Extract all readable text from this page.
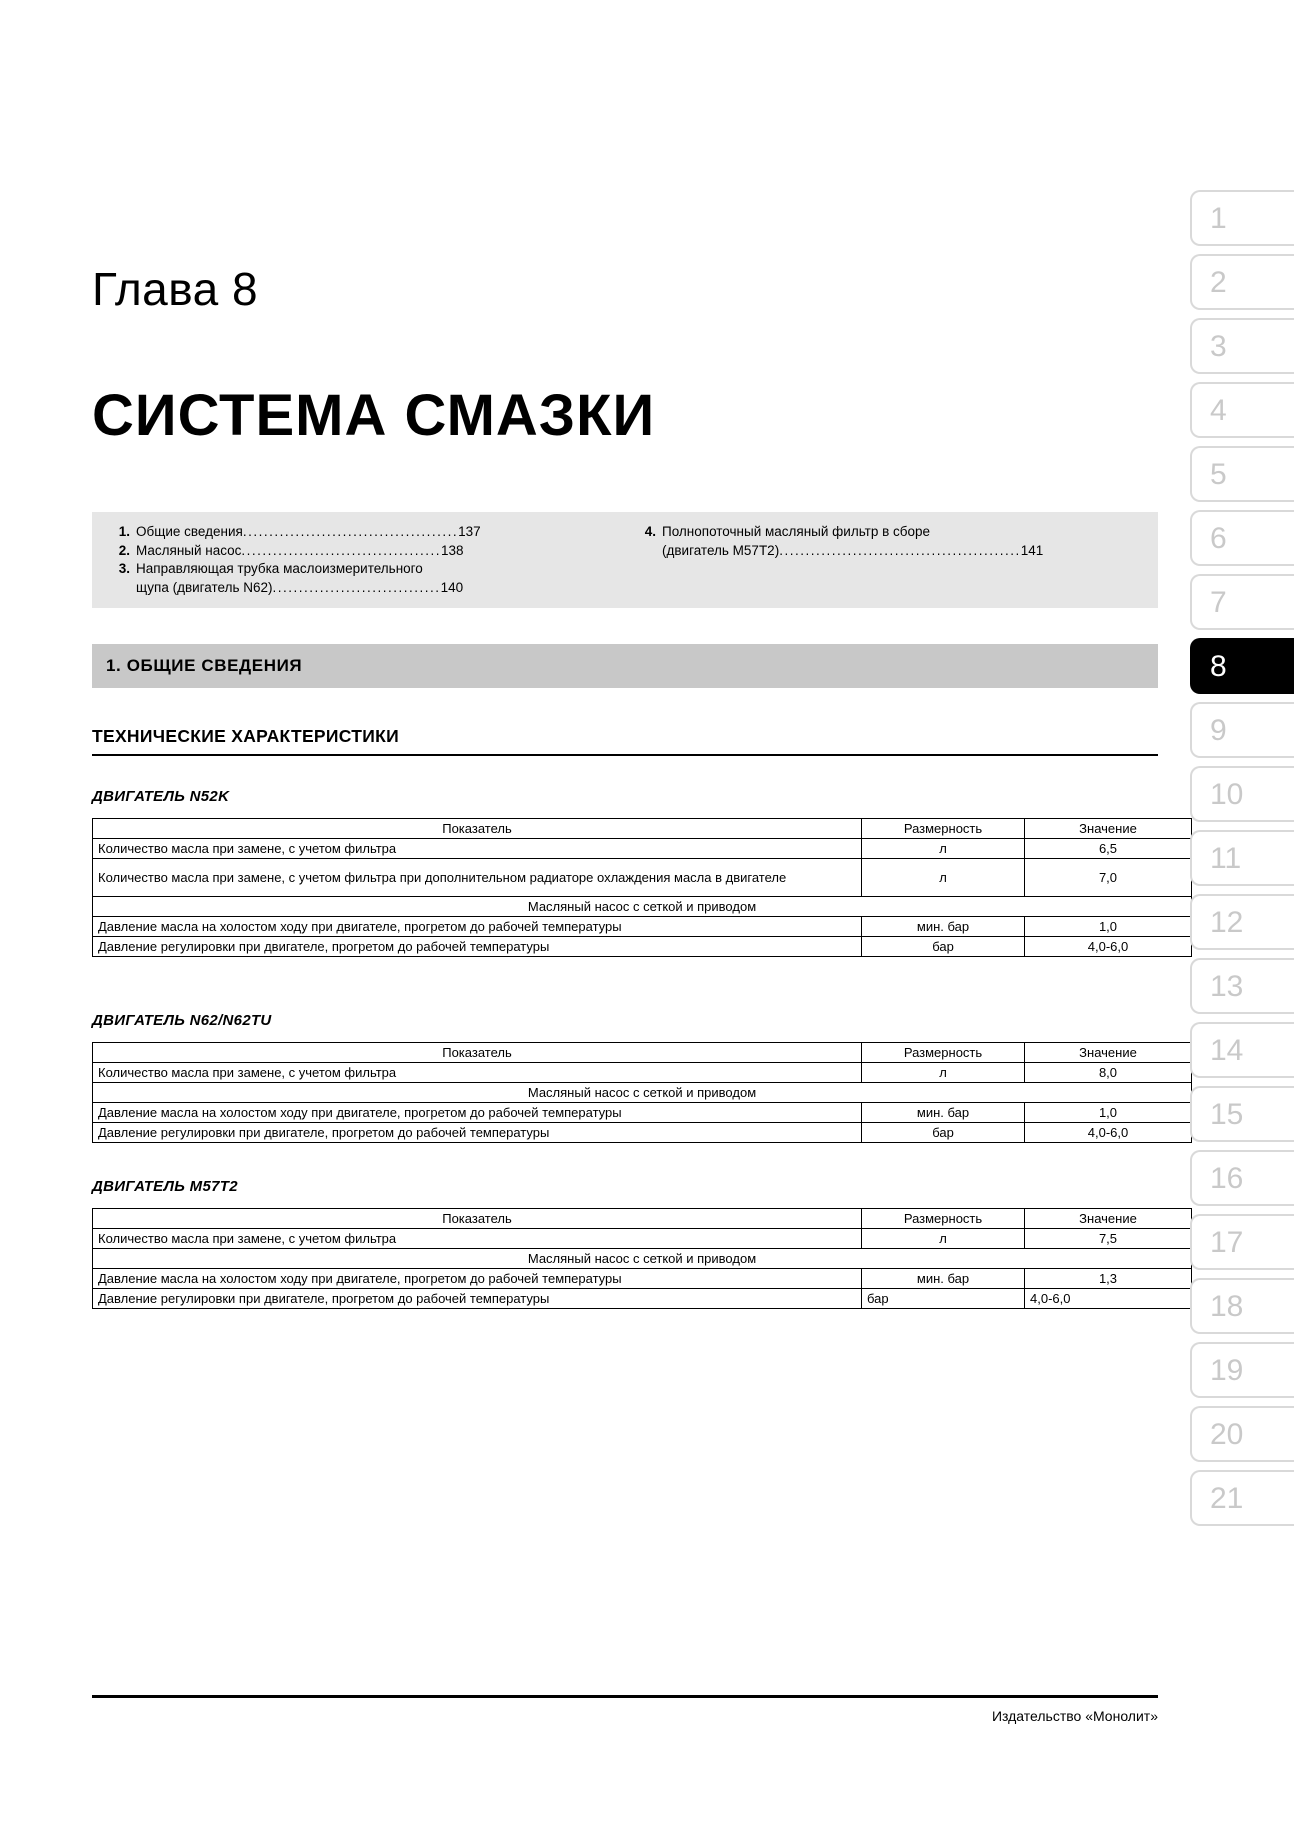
Глава 8
СИСТЕМА СМАЗКИ
1. Общие сведения.........................................137
2. Масляный насос......................................138
3. Направляющая трубка маслоизмерительного
щупа (двигатель N62)................................140
4. Полнопоточный масляный фильтр в сборе
(двигатель M57T2)..............................................141
1. ОБЩИЕ СВЕДЕНИЯ
ТЕХНИЧЕСКИЕ ХАРАКТЕРИСТИКИ
ДВИГАТЕЛЬ N52K
Показатель	Размерность	Значение
Количество масла при замене, с учетом фильтра	л	6,5
Количество масла при замене, с учетом фильтра при дополнительном радиаторе охлаждения масла в двигателе	л	7,0
Масляный насос с сеткой и приводом		
Давление масла на холостом ходу при двигателе, прогретом до рабочей температуры	мин. бар	1,0
Давление регулировки при двигателе, прогретом до рабочей температуры	бар	4,0-6,0
ДВИГАТЕЛЬ N62/N62TU
Показатель	Размерность	Значение
Количество масла при замене, с учетом фильтра	л	8,0
Масляный насос с сеткой и приводом		
Давление масла на холостом ходу при двигателе, прогретом до рабочей температуры	мин. бар	1,0
Давление регулировки при двигателе, прогретом до рабочей температуры	бар	4,0-6,0
ДВИГАТЕЛЬ M57T2
Показатель	Размерность	Значение
Количество масла при замене, с учетом фильтра	л	7,5
Масляный насос с сеткой и приводом		
Давление масла на холостом ходу при двигателе, прогретом до рабочей температуры	мин. бар	1,3
Давление регулировки при двигателе, прогретом до рабочей температуры	бар	4,0-6,0
Издательство «Монолит»
1
2
3
4
5
6
7
8
9
10
11
12
13
14
15
16
17
18
19
20
21
